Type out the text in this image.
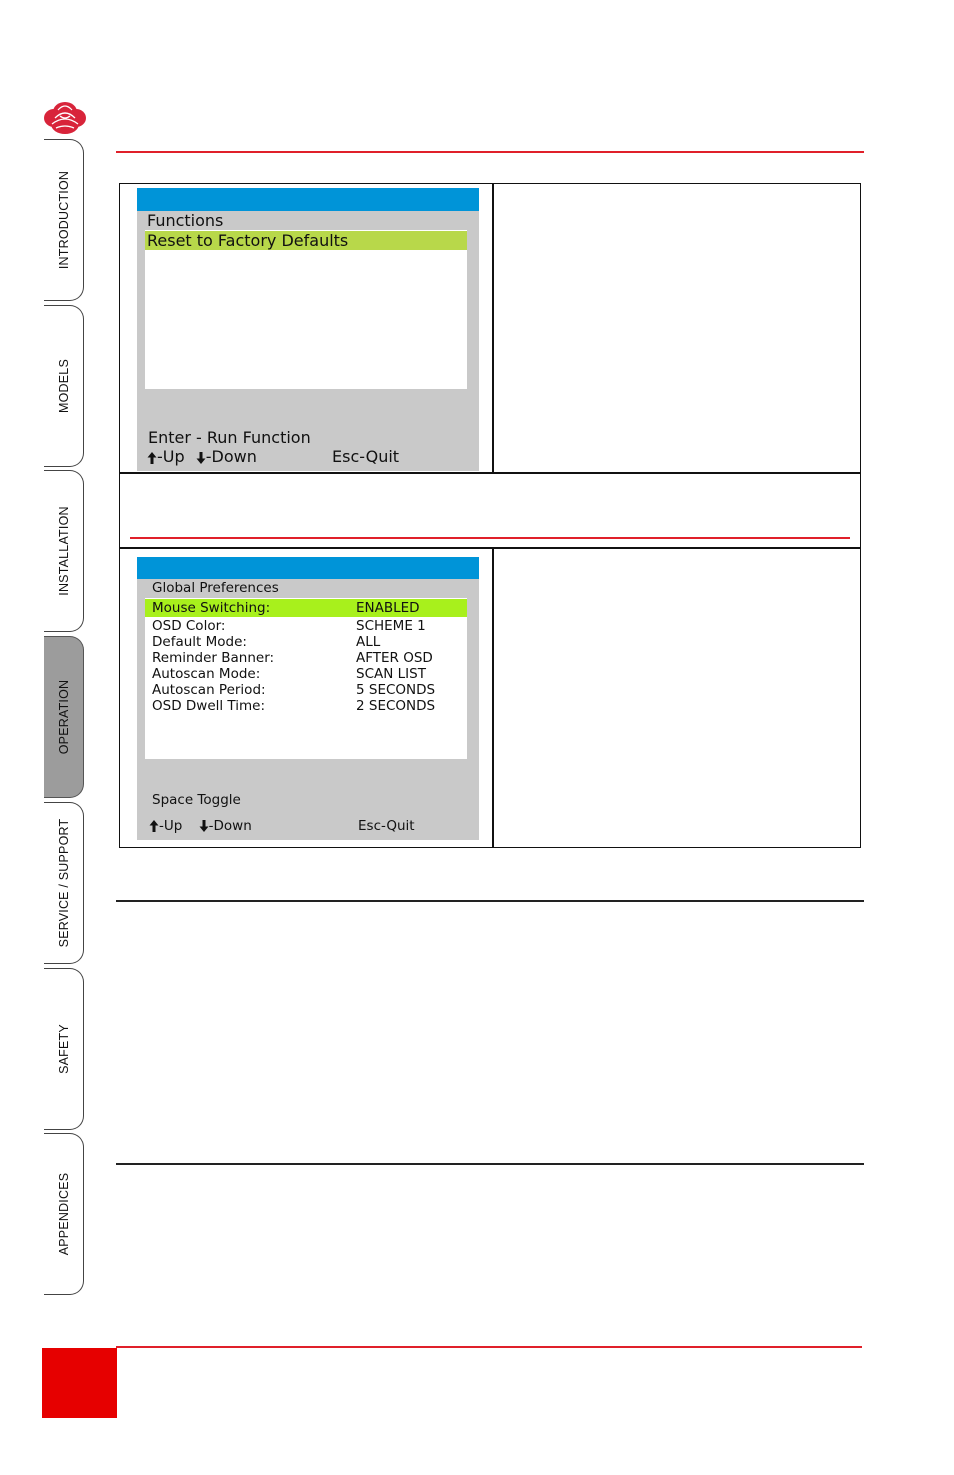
INTRODUCTION
MODELS
INSTALLATION
OPERATION
SERVICE / SUPPORT
SAFETY
APPENDICES
Functions
Reset to Factory Defaults
Enter - Run Function
-Up -Down	Esc-Quit
Global Preferences
Mouse Switching:	ENABLED
OSD Color:	SCHEME 1
Default Mode:	ALL
Reminder Banner:	AFTER OSD
Autoscan Mode:	SCAN LIST
Autoscan Period:	5 SECONDS
OSD Dwell Time:	2 SECONDS
Space Toggle
-Up -Down	Esc-Quit
